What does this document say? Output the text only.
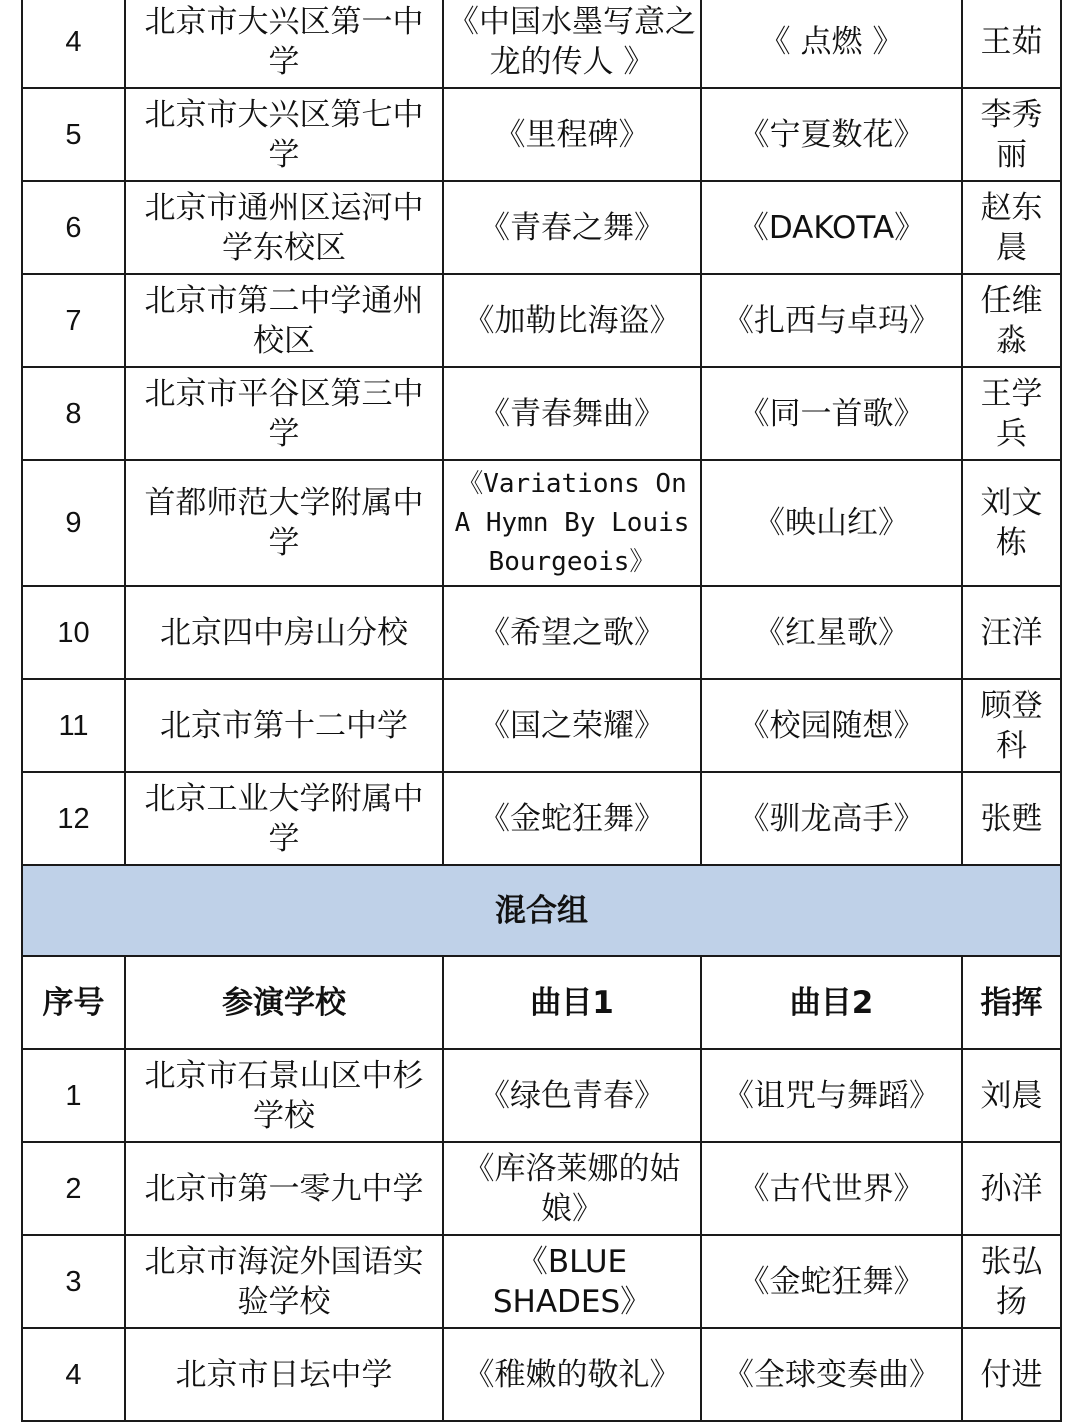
4	北京市大兴区第一中学	《中国水墨写意之龙的传人 》	《 点燃 》	王茹
5	北京市大兴区第七中学	《里程碑》	《宁夏数花》	李秀丽
6	北京市通州区运河中学东校区	《青春之舞》	《DAKOTA》	赵东晨
7	北京市第二中学通州校区	《加勒比海盗》	《扎西与卓玛》	任维淼
8	北京市平谷区第三中学	《青春舞曲》	《同一首歌》	王学兵
9	首都师范大学附属中学	《Variations On A Hymn By Louis Bourgeois》	《映山红》	刘文栋
10	北京四中房山分校	《希望之歌》	《红星歌》	汪洋
11	北京市第十二中学	《国之荣耀》	《校园随想》	顾登科
12	北京工业大学附属中学	《金蛇狂舞》	《驯龙高手》	张甦
混合组				
序号	参演学校	曲目1	曲目2	指挥
1	北京市石景山区中杉学校	《绿色青春》	《诅咒与舞蹈》	刘晨
2	北京市第一零九中学	《库洛莱娜的姑娘》	《古代世界》	孙洋
3	北京市海淀外国语实验学校	《BLUE SHADES》	《金蛇狂舞》	张弘扬
4	北京市日坛中学	《稚嫩的敬礼》	《全球变奏曲》	付进
